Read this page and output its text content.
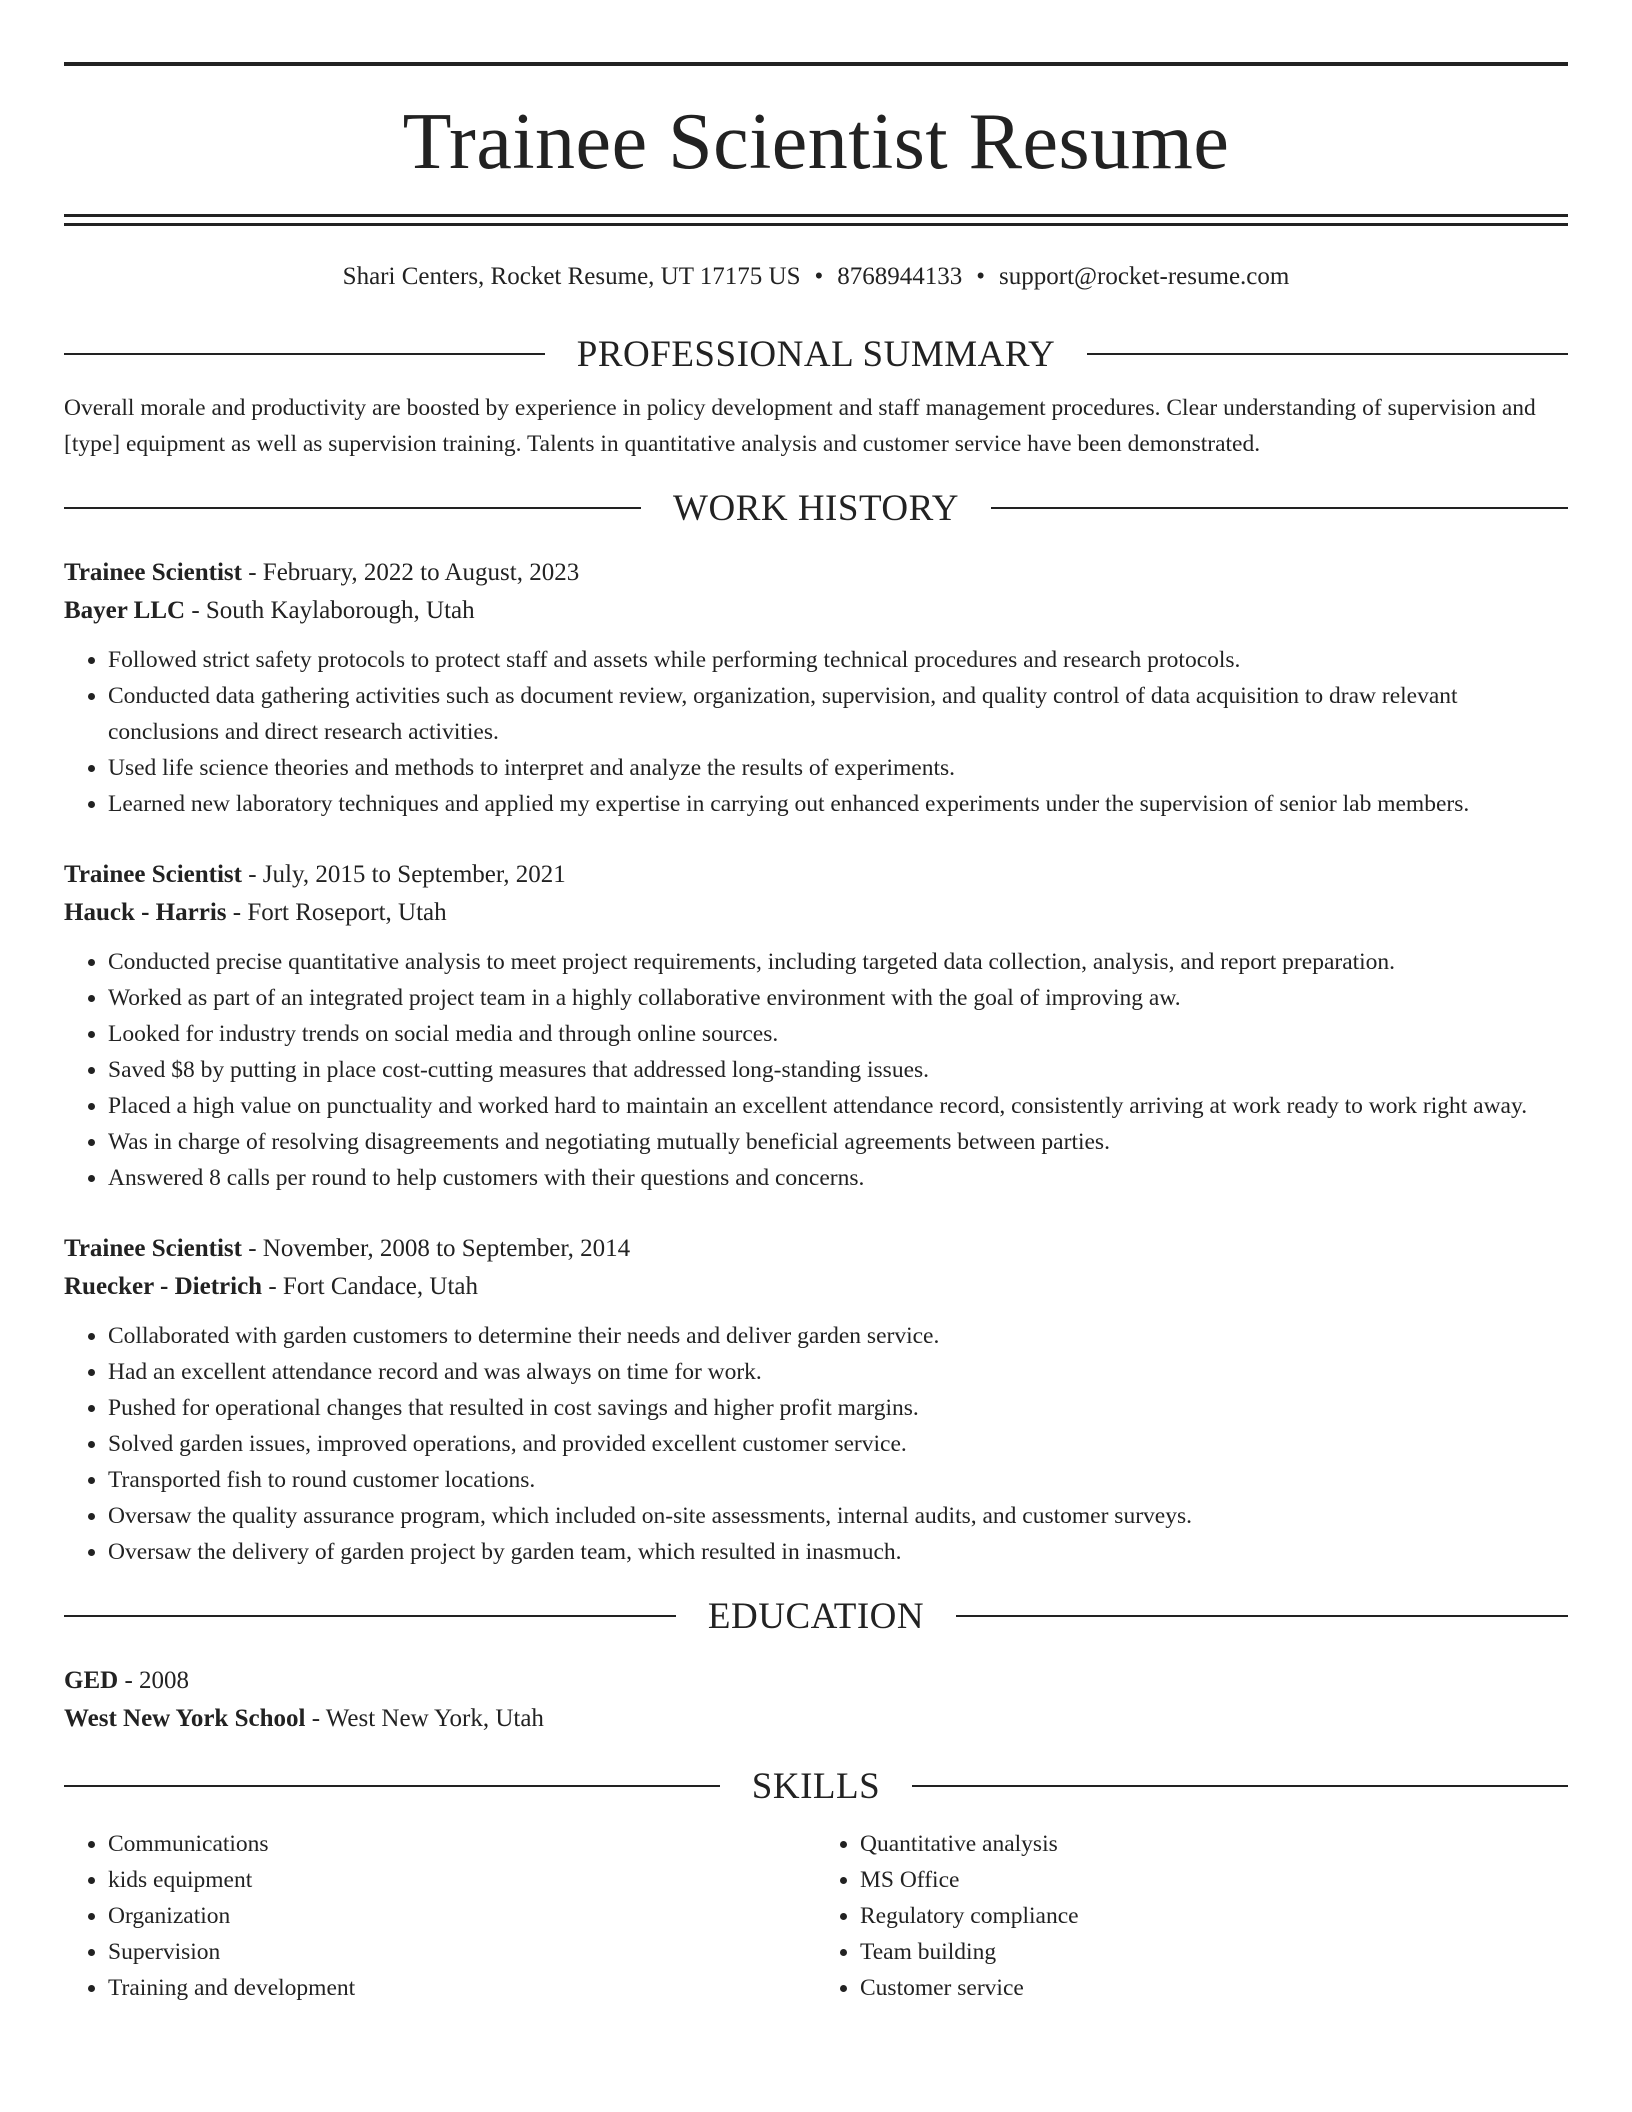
Trainee Scientist Resume
Shari Centers, Rocket Resume, UT 17175 US • 8768944133 • support@rocket-resume.com
PROFESSIONAL SUMMARY
Overall morale and productivity are boosted by experience in policy development and staff management procedures. Clear understanding of supervision and [type] equipment as well as supervision training. Talents in quantitative analysis and customer service have been demonstrated.
WORK HISTORY
Trainee Scientist - February, 2022 to August, 2023
Bayer LLC - South Kaylaborough, Utah
• Followed strict safety protocols to protect staff and assets while performing technical procedures and research protocols.
• Conducted data gathering activities such as document review, organization, supervision, and quality control of data acquisition to draw relevant conclusions and direct research activities.
• Used life science theories and methods to interpret and analyze the results of experiments.
• Learned new laboratory techniques and applied my expertise in carrying out enhanced experiments under the supervision of senior lab members.
Trainee Scientist - July, 2015 to September, 2021
Hauck - Harris - Fort Roseport, Utah
• Conducted precise quantitative analysis to meet project requirements, including targeted data collection, analysis, and report preparation.
• Worked as part of an integrated project team in a highly collaborative environment with the goal of improving aw.
• Looked for industry trends on social media and through online sources.
• Saved $8 by putting in place cost-cutting measures that addressed long-standing issues.
• Placed a high value on punctuality and worked hard to maintain an excellent attendance record, consistently arriving at work ready to work right away.
• Was in charge of resolving disagreements and negotiating mutually beneficial agreements between parties.
• Answered 8 calls per round to help customers with their questions and concerns.
Trainee Scientist - November, 2008 to September, 2014
Ruecker - Dietrich - Fort Candace, Utah
• Collaborated with garden customers to determine their needs and deliver garden service.
• Had an excellent attendance record and was always on time for work.
• Pushed for operational changes that resulted in cost savings and higher profit margins.
• Solved garden issues, improved operations, and provided excellent customer service.
• Transported fish to round customer locations.
• Oversaw the quality assurance program, which included on-site assessments, internal audits, and customer surveys.
• Oversaw the delivery of garden project by garden team, which resulted in inasmuch.
EDUCATION
GED - 2008
West New York School - West New York, Utah
SKILLS
• Communications
• kids equipment
• Organization
• Supervision
• Training and development
• Quantitative analysis
• MS Office
• Regulatory compliance
• Team building
• Customer service
